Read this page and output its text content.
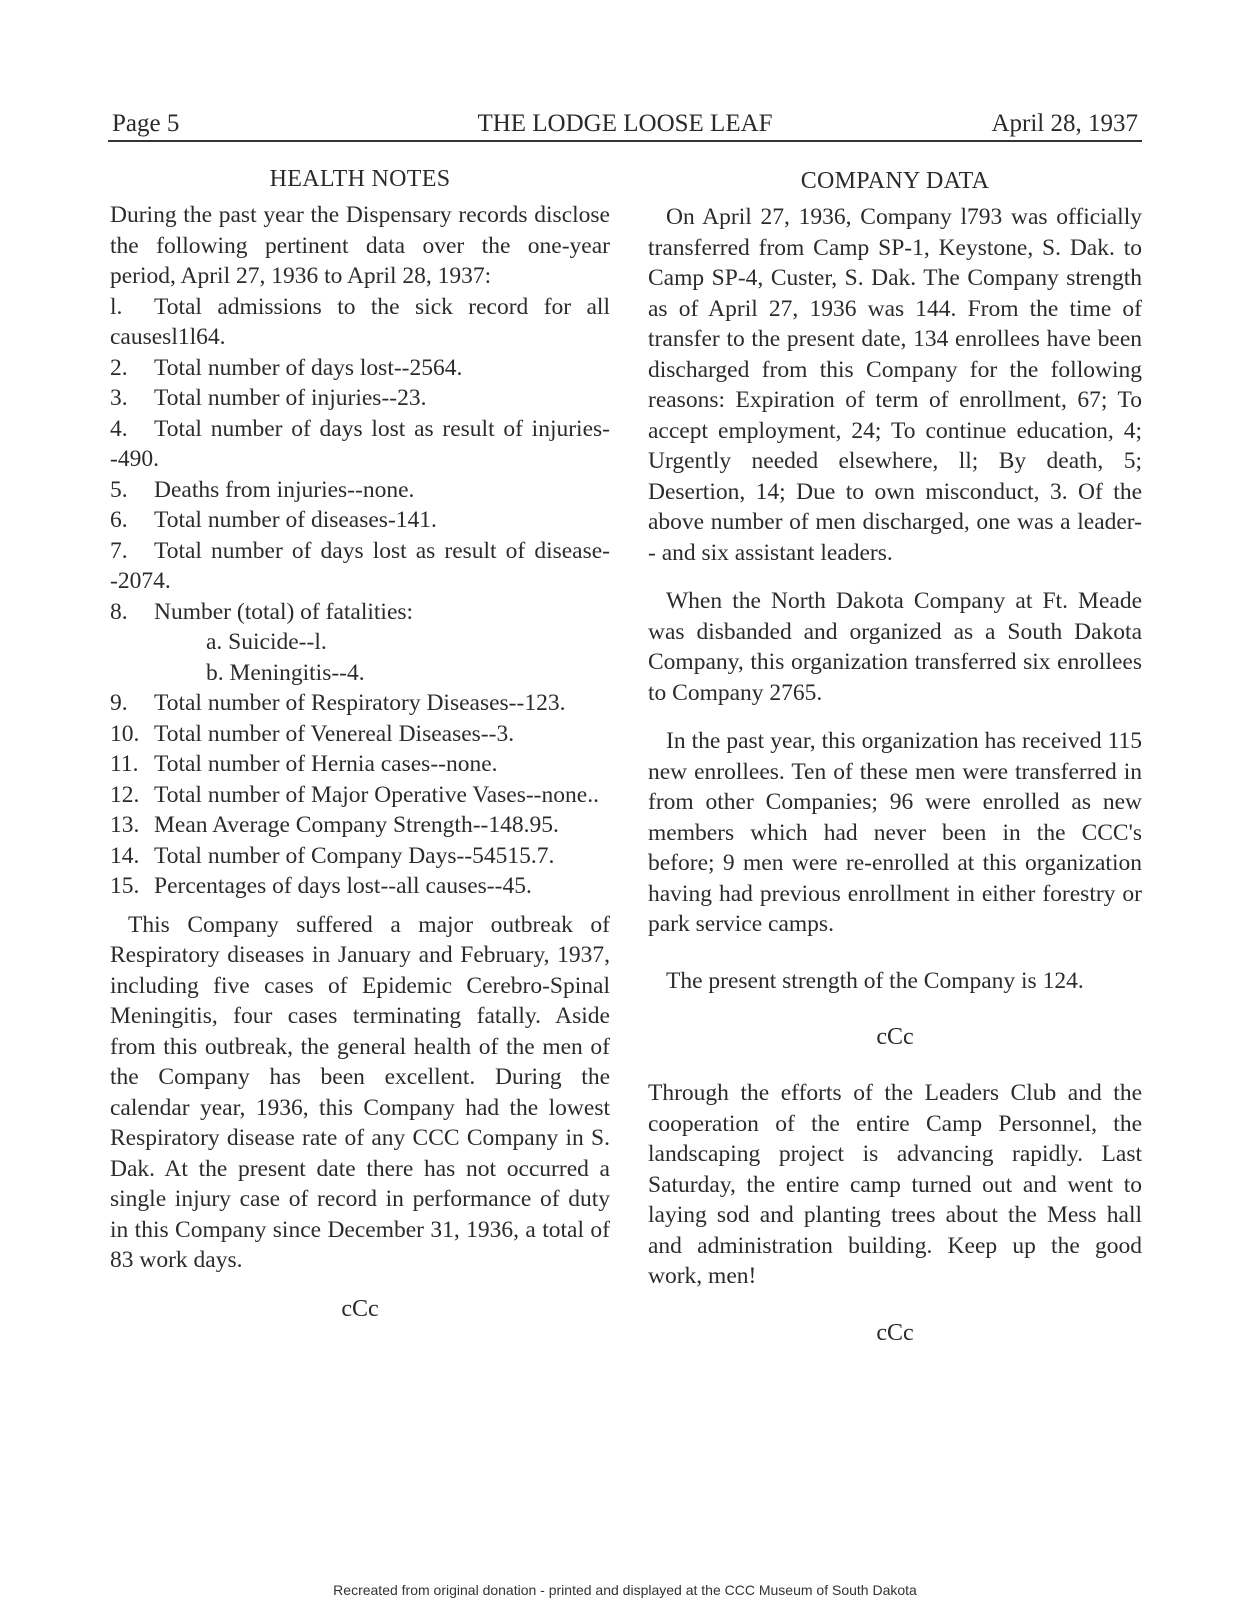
Page 5	THE LODGE LOOSE LEAF	April 28, 1937
HEALTH NOTES

During the past year the Dispensary records disclose the following pertinent data over the one-year period, April 27, 1936 to April 28, 1937:

l. Total admissions to the sick record for all causesl1l64.
2. Total number of days lost--2564.
3. Total number of injuries--23.
4. Total number of days lost as result of injuries--490.
5. Deaths from injuries--none.
6. Total number of diseases-141.
7. Total number of days lost as result of disease--2074.
8. Number (total) of fatalities:
a. Suicide--l.
b. Meningitis--4.
9. Total number of Respiratory Diseases--123.
10. Total number of Venereal Diseases--3.
11. Total number of Hernia cases--none.
12. Total number of Major Operative Vases--none..
13. Mean Average Company Strength--148.95.
14. Total number of Company Days--54515.7.
15. Percentages of days lost--all causes--45.

This Company suffered a major outbreak of Respiratory diseases in January and February, 1937, including five cases of Epidemic Cerebro-Spinal Meningitis, four cases terminating fatally. Aside from this outbreak, the general health of the men of the Company has been excellent. During the calendar year, 1936, this Company had the lowest Respiratory disease rate of any CCC Company in S. Dak. At the present date there has not occurred a single injury case of record in performance of duty in this Company since December 31, 1936, a total of 83 work days.

cCc
COMPANY DATA

On April 27, 1936, Company l793 was officially transferred from Camp SP-1, Keystone, S. Dak. to Camp SP-4, Custer, S. Dak. The Company strength as of April 27, 1936 was 144. From the time of transfer to the present date, 134 enrollees have been discharged from this Company for the following reasons: Expiration of term of enrollment, 67; To accept employment, 24; To continue education, 4; Urgently needed elsewhere, ll; By death, 5; Desertion, 14; Due to own misconduct, 3. Of the above number of men discharged, one was a leader-- and six assistant leaders.

When the North Dakota Company at Ft. Meade was disbanded and organized as a South Dakota Company, this organization transferred six enrollees to Company 2765.

In the past year, this organization has received 115 new enrollees. Ten of these men were transferred in from other Companies; 96 were enrolled as new members which had never been in the CCC's before; 9 men were re-enrolled at this organization having had previous enrollment in either forestry or park service camps.

The present strength of the Company is 124.

cCc

Through the efforts of the Leaders Club and the cooperation of the entire Camp Personnel, the landscaping project is advancing rapidly. Last Saturday, the entire camp turned out and went to laying sod and planting trees about the Mess hall and administration building. Keep up the good work, men!

cCc
Recreated from original donation - printed and displayed at the CCC Museum of South Dakota
